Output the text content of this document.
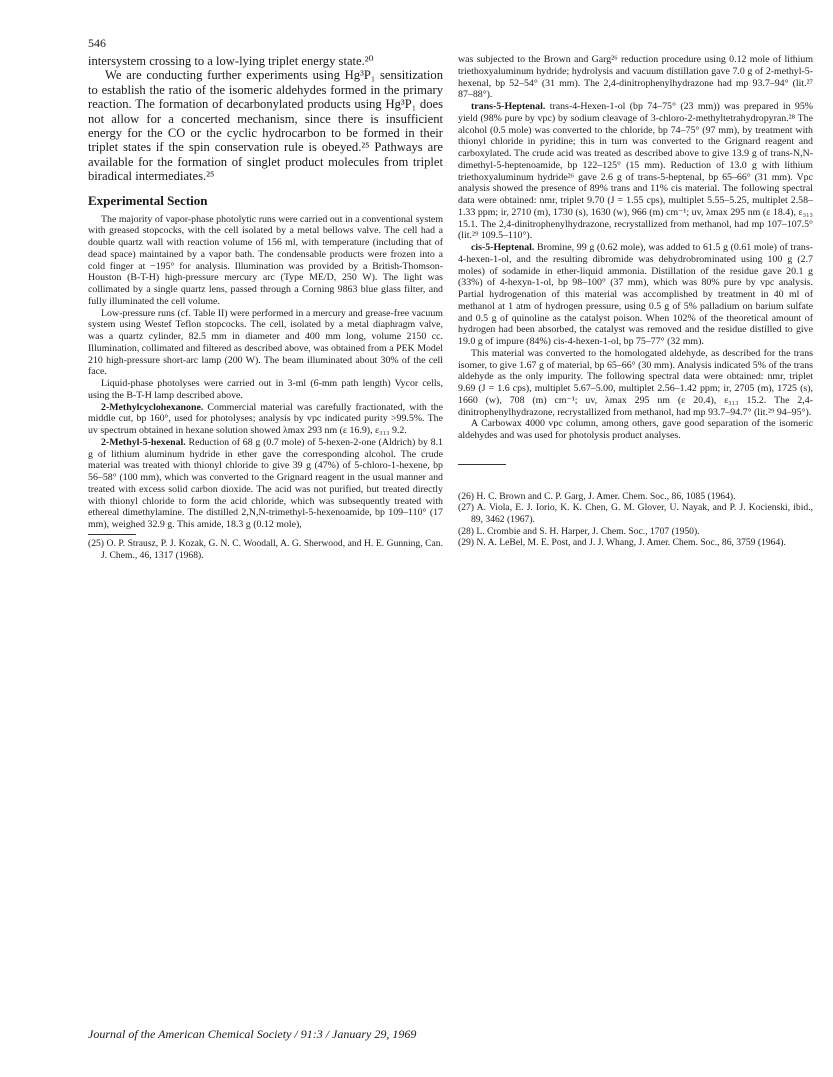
546

intersystem crossing to a low-lying triplet energy state.²⁰

We are conducting further experiments using Hg³P₁ sensitization to establish the ratio of the isomeric aldehydes formed in the primary reaction. The formation of decarbonylated products using Hg³P₁ does not allow for a concerted mechanism, since there is insufficient energy for the CO or the cyclic hydrocarbon to be formed in their triplet states if the spin conservation rule is obeyed.²⁵ Pathways are available for the formation of singlet product molecules from triplet biradical intermediates.²⁵

Experimental Section

The majority of vapor-phase photolytic runs were carried out in a conventional system with greased stopcocks, with the cell isolated by a metal bellows valve. The cell had a double quartz wall with reaction volume of 156 ml, with temperature (including that of dead space) maintained by a vapor bath. The condensable products were frozen into a cold finger at −195° for analysis. Illumination was provided by a British-Thomson-Houston (B-T-H) high-pressure mercury arc (Type ME/D, 250 W). The light was collimated by a single quartz lens, passed through a Corning 9863 blue glass filter, and fully illuminated the cell volume.

Low-pressure runs (cf. Table II) were performed in a mercury and grease-free vacuum system using Westef Teflon stopcocks. The cell, isolated by a metal diaphragm valve, was a quartz cylinder, 82.5 mm in diameter and 400 mm long, volume 2150 cc. Illumination, collimated and filtered as described above, was obtained from a PEK Model 210 high-pressure short-arc lamp (200 W). The beam illuminated about 30% of the cell face.

Liquid-phase photolyses were carried out in 3-ml (6-mm path length) Vycor cells, using the B-T-H lamp described above.

2-Methylcyclohexanone. Commercial material was carefully fractionated, with the middle cut, bp 160°, used for photolyses; analysis by vpc indicated purity >99.5%. The uv spectrum obtained in hexane solution showed λmax 293 nm (ε 16.9), ε₃₁₃ 9.2.

2-Methyl-5-hexenal. Reduction of 68 g (0.7 mole) of 5-hexen-2-one (Aldrich) by 8.1 g of lithium aluminum hydride in ether gave the corresponding alcohol. The crude material was treated with thionyl chloride to give 39 g (47%) of 5-chloro-1-hexene, bp 56–58° (100 mm), which was converted to the Grignard reagent in the usual manner and treated with excess solid carbon dioxide. The acid was not purified, but treated directly with thionyl chloride to form the acid chloride, which was subsequently treated with ethereal dimethylamine. The distilled 2,N,N-trimethyl-5-hexenoamide, bp 109–110° (17 mm), weighed 32.9 g. This amide, 18.3 g (0.12 mole),

(25) O. P. Strausz, P. J. Kozak, G. N. C. Woodall, A. G. Sherwood, and H. E. Gunning, Can. J. Chem., 46, 1317 (1968).

was subjected to the Brown and Garg²⁶ reduction procedure using 0.12 mole of lithium triethoxyaluminum hydride; hydrolysis and vacuum distillation gave 7.0 g of 2-methyl-5-hexenal, bp 52–54° (31 mm). The 2,4-dinitrophenylhydrazone had mp 93.7–94° (lit.²⁷ 87–88°).

trans-5-Heptenal. trans-4-Hexen-1-ol (bp 74–75° (23 mm)) was prepared in 95% yield (98% pure by vpc) by sodium cleavage of 3-chloro-2-methyltetrahydropyran.²⁸ The alcohol (0.5 mole) was converted to the chloride, bp 74–75° (97 mm), by treatment with thionyl chloride in pyridine; this in turn was converted to the Grignard reagent and carboxylated. The crude acid was treated as described above to give 13.9 g of trans-N,N-dimethyl-5-heptenoamide, bp 122–125° (15 mm). Reduction of 13.0 g with lithium triethoxyaluminum hydride²⁶ gave 2.6 g of trans-5-heptenal, bp 65–66° (31 mm). Vpc analysis showed the presence of 89% trans and 11% cis material. The following spectral data were obtained: nmr, triplet 9.70 (J = 1.55 cps), multiplet 5.55–5.25, multiplet 2.58–1.33 ppm; ir, 2710 (m), 1730 (s), 1630 (w), 966 (m) cm⁻¹; uv, λmax 295 nm (ε 18.4), ε₃₁₃ 15.1. The 2,4-dinitrophenylhydrazone, recrystallized from methanol, had mp 107–107.5° (lit.²⁹ 109.5–110°).

cis-5-Heptenal. Bromine, 99 g (0.62 mole), was added to 61.5 g (0.61 mole) of trans-4-hexen-1-ol, and the resulting dibromide was dehydrobrominated using 100 g (2.7 moles) of sodamide in ether-liquid ammonia. Distillation of the residue gave 20.1 g (33%) of 4-hexyn-1-ol, bp 98–100° (37 mm), which was 80% pure by vpc analysis. Partial hydrogenation of this material was accomplished by treatment in 40 ml of methanol at 1 atm of hydrogen pressure, using 0.5 g of 5% palladium on barium sulfate and 0.5 g of quinoline as the catalyst poison. When 102% of the theoretical amount of hydrogen had been absorbed, the catalyst was removed and the residue distilled to give 19.0 g of impure (84%) cis-4-hexen-1-ol, bp 75–77° (32 mm).

This material was converted to the homologated aldehyde, as described for the trans isomer, to give 1.67 g of material, bp 65–66° (30 mm). Analysis indicated 5% of the trans aldehyde as the only impurity. The following spectral data were obtained: nmr, triplet 9.69 (J = 1.6 cps), multiplet 5.67–5.00, multiplet 2.56–1.42 ppm; ir, 2705 (m), 1725 (s), 1660 (w), 708 (m) cm⁻¹; uv, λmax 295 nm (ε 20.4), ε₃₁₃ 15.2. The 2,4-dinitrophenylhydrazone, recrystallized from methanol, had mp 93.7–94.7° (lit.²⁹ 94–95°).

A Carbowax 4000 vpc column, among others, gave good separation of the isomeric aldehydes and was used for photolysis product analyses.

(26) H. C. Brown and C. P. Garg, J. Amer. Chem. Soc., 86, 1085 (1964).

(27) A. Viola, E. J. Iorio, K. K. Chen, G. M. Glover, U. Nayak, and P. J. Kocienski, ibid., 89, 3462 (1967).

(28) L. Crombie and S. H. Harper, J. Chem. Soc., 1707 (1950).

(29) N. A. LeBel, M. E. Post, and J. J. Whang, J. Amer. Chem. Soc., 86, 3759 (1964).

Journal of the American Chemical Society / 91:3 / January 29, 1969
